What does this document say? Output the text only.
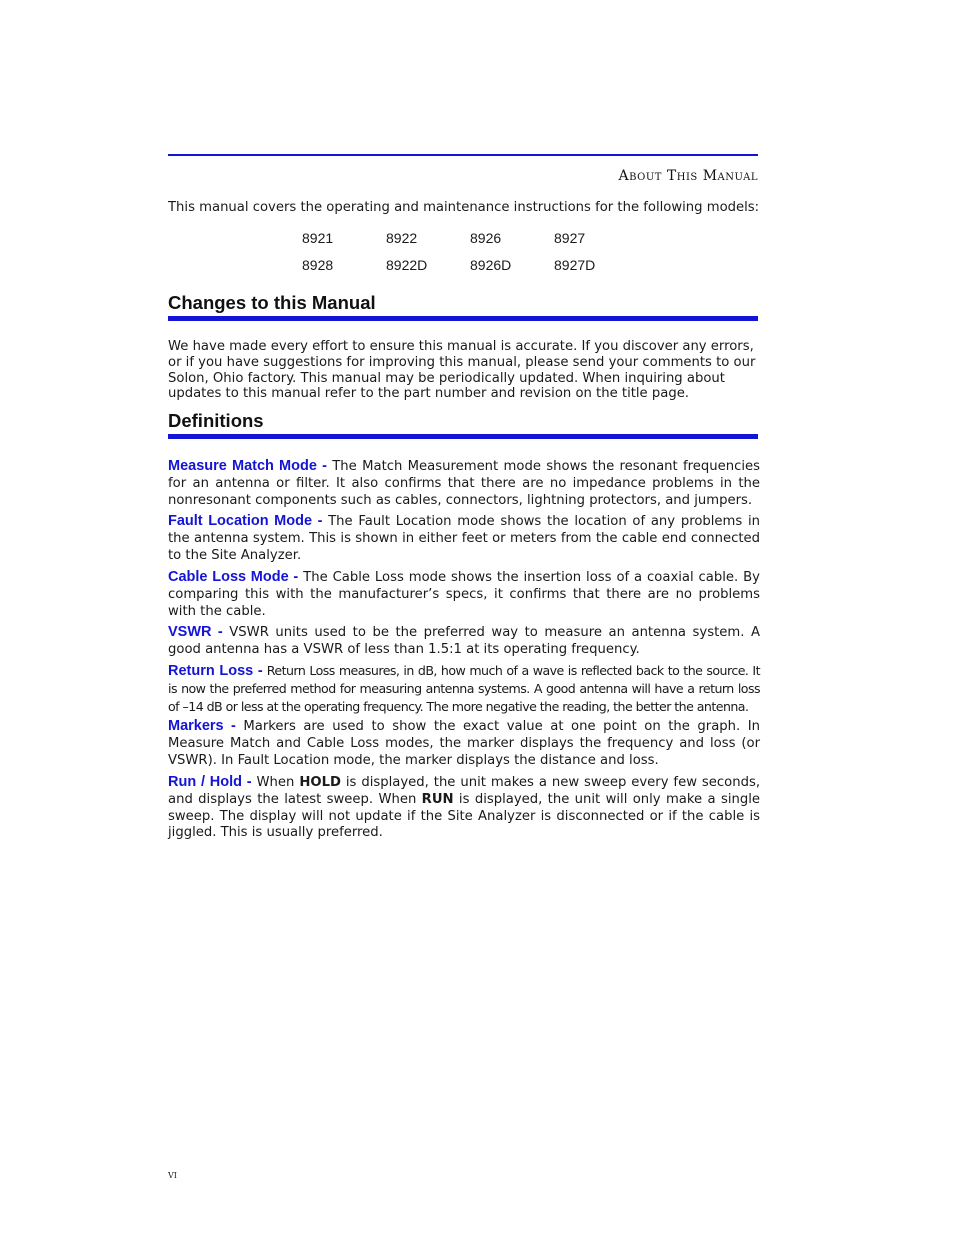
About This Manual
This manual covers the operating and maintenance instructions for the following models:
8921	8922	8926	8927
8928	8922D	8926D	8927D
Changes to this Manual
We have made every effort to ensure this manual is accurate. If you discover any errors, or if you have suggestions for improving this manual, please send your comments to our Solon, Ohio factory. This manual may be periodically updated. When inquiring about updates to this manual refer to the part number and revision on the title page.
Definitions
Measure Match Mode - The Match Measurement mode shows the resonant frequencies for an antenna or filter. It also confirms that there are no impedance problems in the nonresonant components such as cables, connectors, lightning protectors, and jumpers.
Fault Location Mode - The Fault Location mode shows the location of any problems in the antenna system. This is shown in either feet or meters from the cable end connected to the Site Analyzer.
Cable Loss Mode - The Cable Loss mode shows the insertion loss of a coaxial cable. By comparing this with the manufacturer’s specs, it confirms that there are no problems with the cable.
VSWR - VSWR units used to be the preferred way to measure an antenna system. A good antenna has a VSWR of less than 1.5:1 at its operating frequency.
Return Loss - Return Loss measures, in dB, how much of a wave is reflected back to the source. It is now the preferred method for measuring antenna systems. A good antenna will have a return loss of –14 dB or less at the operating frequency. The more negative the reading, the better the antenna.
Markers - Markers are used to show the exact value at one point on the graph. In Measure Match and Cable Loss modes, the marker displays the frequency and loss (or VSWR). In Fault Location mode, the marker displays the distance and loss.
Run / Hold - When HOLD is displayed, the unit makes a new sweep every few seconds, and displays the latest sweep. When RUN is displayed, the unit will only make a single sweep. The display will not update if the Site Analyzer is disconnected or if the cable is jiggled. This is usually preferred.
vi
